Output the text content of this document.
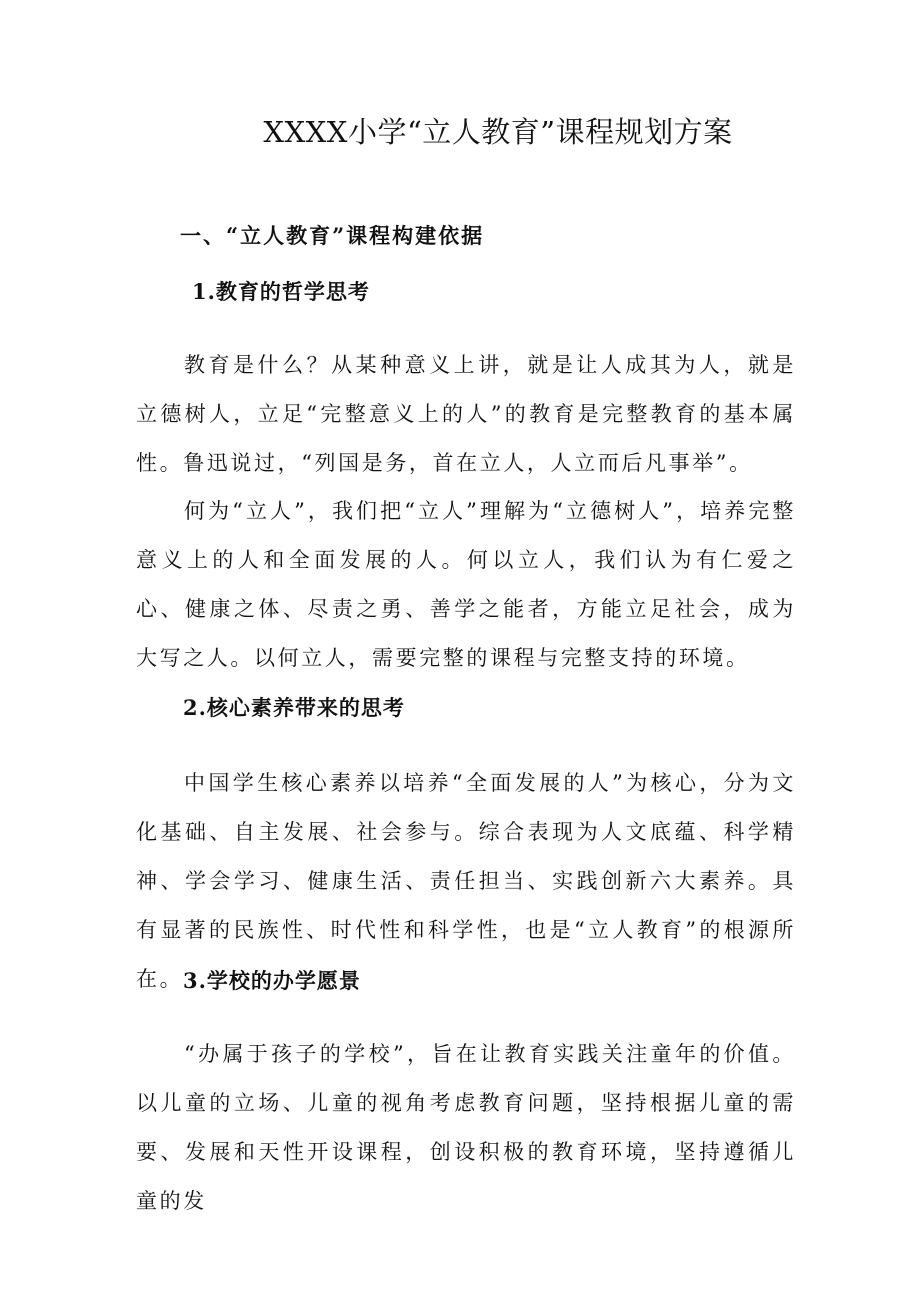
XXXX小学“立人教育”课程规划方案
一、“立人教育”课程构建依据
1.教育的哲学思考

教育是什么？从某种意义上讲，就是让人成其为人，就是立德树人，立足“完整意义上的人”的教育是完整教育的基本属性。鲁迅说过，“列国是务，首在立人，人立而后凡事举”。

何为“立人”，我们把“立人”理解为“立德树人”，培养完整意义上的人和全面发展的人。何以立人，我们认为有仁爱之心、健康之体、尽责之勇、善学之能者，方能立足社会，成为大写之人。以何立人，需要完整的课程与完整支持的环境。

2.核心素养带来的思考

中国学生核心素养以培养“全面发展的人”为核心，分为文化基础、自主发展、社会参与。综合表现为人文底蕴、科学精神、学会学习、健康生活、责任担当、实践创新六大素养。具有显著的民族性、时代性和科学性，也是“立人教育”的根源所在。 3.学校的办学愿景

“办属于孩子的学校”，旨在让教育实践关注童年的价值。以儿童的立场、儿童的视角考虑教育问题，坚持根据儿童的需要、发展和天性开设课程，创设积极的教育环境，坚持遵循儿童的发
